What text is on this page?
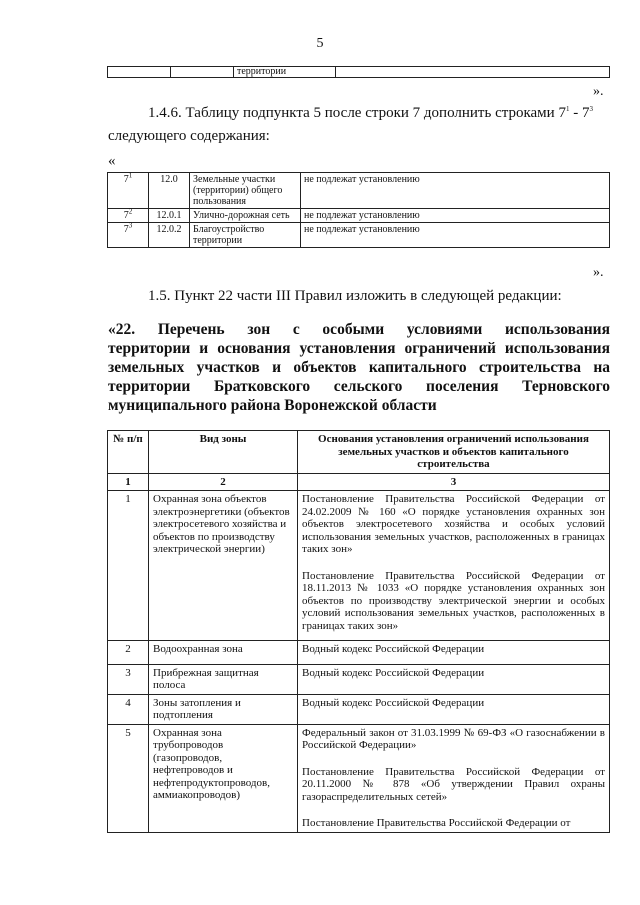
5
		территории	
».
1.4.6. Таблицу подпункта 5 после строки 7 дополнить строками $7^1 - 7^3$
следующего содержания:
«
$7^1$	12.0	Земельные участки (территории) общего пользования	не подлежат установлению
$7^2$	12.0.1	Улично-дорожная сеть	не подлежат установлению
$7^3$	12.0.2	Благоустройство территории	не подлежат установлению
».
1.5. Пункт 22 части III Правил изложить в следующей редакции:
«22. Перечень зон с особыми условиями использования
территории и основания установления ограничений использования
земельных участков и объектов капитального строительства на
территории Братковского сельского поселения Терновского
муниципального района Воронежской области
№ п/п	Вид зоны	Основания установления ограничений использования земельных участков и объектов капитального строительства
1	2	3
1	Охранная зона объектов электроэнергетики (объектов электросетевого хозяйства и объектов по производству электрической энергии)	Постановление Правительства Российской Федерации от 24.02.2009 № 160 «О порядке установления охранных зон объектов электросетевого хозяйства и особых условий использования земельных участков, расположенных в границах таких зон»
Постановление Правительства Российской Федерации от 18.11.2013 № 1033 «О порядке установления охранных зон объектов по производству электрической энергии и особых условий использования земельных участков, расположенных в границах таких зон»

2	Водоохранная зона	Водный кодекс Российской Федерации

3	Прибрежная защитная полоса	Водный кодекс Российской Федерации

4	Зоны затопления и подтопления	Водный кодекс Российской Федерации

5	Охранная зона трубопроводов (газопроводов, нефтепроводов и нефтепродуктопроводов, аммиакопроводов)	Федеральный закон от 31.03.1999 № 69-ФЗ «О газоснабжении в Российской Федерации»
Постановление Правительства Российской Федерации от 20.11.2000 № 878 «Об утверждении Правил охраны газораспределительных сетей»
Постановление Правительства Российской Федерации от
